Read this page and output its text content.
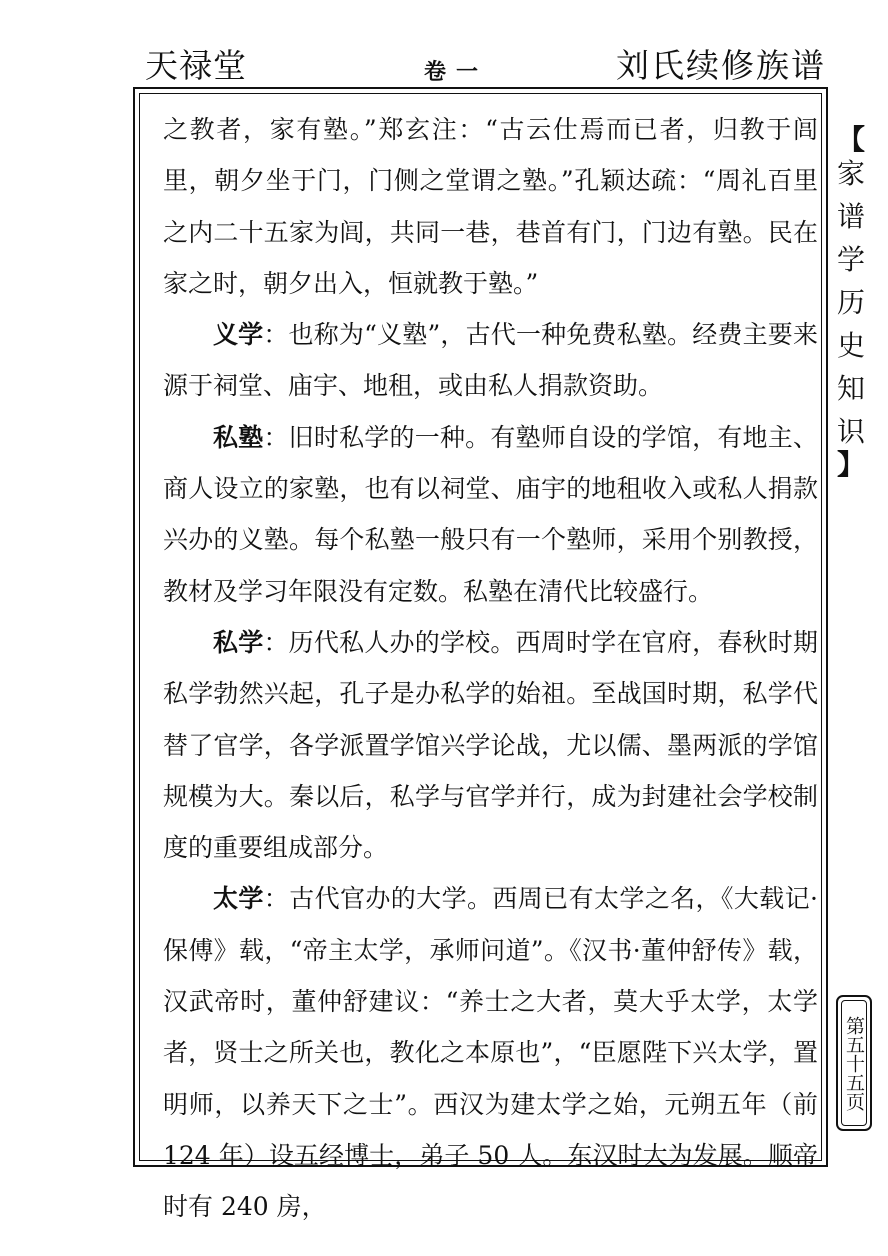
天禄堂	卷一	刘氏续修族谱

之教者，家有塾。”郑玄注：“古云仕焉而已者，归教于闾里，朝夕坐于门，门侧之堂谓之塾。”孔颖达疏：“周礼百里之内二十五家为闾，共同一巷，巷首有门，门边有塾。民在家之时，朝夕出入，恒就教于塾。”

义学：也称为“义塾”，古代一种免费私塾。经费主要来源于祠堂、庙宇、地租，或由私人捐款资助。

私塾：旧时私学的一种。有塾师自设的学馆，有地主、商人设立的家塾，也有以祠堂、庙宇的地租收入或私人捐款兴办的义塾。每个私塾一般只有一个塾师，采用个别教授，教材及学习年限没有定数。私塾在清代比较盛行。

私学：历代私人办的学校。西周时学在官府，春秋时期私学勃然兴起，孔子是办私学的始祖。至战国时期，私学代替了官学，各学派置学馆兴学论战，尤以儒、墨两派的学馆规模为大。秦以后，私学与官学并行，成为封建社会学校制度的重要组成部分。

太学：古代官办的大学。西周已有太学之名，《大载记·保傅》载，“帝主太学，承师问道”。《汉书·董仲舒传》载，汉武帝时，董仲舒建议：“养士之大者，莫大乎太学，太学者，贤士之所关也，教化之本原也”，“臣愿陛下兴太学，置明师，以养天下之士”。西汉为建太学之始，元朔五年（前 124 年）设五经博士，弟子 50 人。东汉时大为发展。顺帝时有 240 房，

【
家
谱
学
历
史
知
识
】
第五十五页
